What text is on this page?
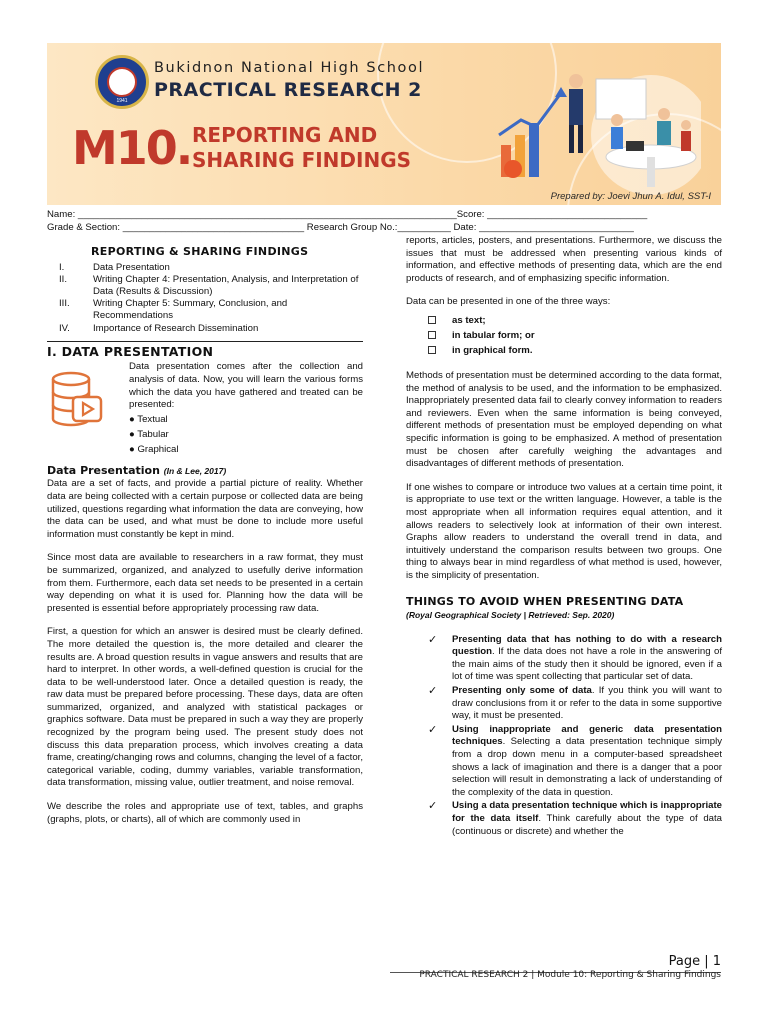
1941
Bukidnon National High School
PRACTICAL RESEARCH 2
M10. REPORTING AND
SHARING FINDINGS
Prepared by: Joevi Jhun A. Idul, SST-I
Name: _______________________________________________________________________Score: ______________________________
Grade & Section: __________________________________ Research Group No.:__________ Date: _____________________________
REPORTING & SHARING FINDINGS
I.	Data Presentation
II.	Writing Chapter 4: Presentation, Analysis, and Interpretation of Data (Results & Discussion)
III.	Writing Chapter 5: Summary, Conclusion, and Recommendations
IV.	Importance of Research Dissemination
I. DATA PRESENTATION
Data presentation comes after the collection and analysis of data. Now, you will learn the various forms which the data you have gathered and treated can be presented:
● Textual
● Tabular
● Graphical
Data Presentation (In & Lee, 2017)

Data are a set of facts, and provide a partial picture of reality. Whether data are being collected with a certain purpose or collected data are being utilized, questions regarding what information the data are conveying, how the data can be used, and what must be done to include more useful information must constantly be kept in mind.

Since most data are available to researchers in a raw format, they must be summarized, organized, and analyzed to usefully derive information from them. Furthermore, each data set needs to be presented in a certain way depending on what it is used for. Planning how the data will be presented is essential before appropriately processing raw data.

First, a question for which an answer is desired must be clearly defined. The more detailed the question is, the more detailed and clearer the results are. A broad question results in vague answers and results that are hard to interpret. In other words, a well-defined question is crucial for the data to be well-understood later. Once a detailed question is ready, the raw data must be prepared before processing. These days, data are often summarized, organized, and analyzed with statistical packages or graphics software. Data must be prepared in such a way they are properly recognized by the program being used. The present study does not discuss this data preparation process, which involves creating a data frame, creating/changing rows and columns, changing the level of a factor, categorical variable, coding, dummy variables, variable transformation, data transformation, missing value, outlier treatment, and noise removal.

We describe the roles and appropriate use of text, tables, and graphs (graphs, plots, or charts), all of which are commonly used in

reports, articles, posters, and presentations. Furthermore, we discuss the issues that must be addressed when presenting various kinds of information, and effective methods of presenting data, which are the end products of research, and of emphasizing specific information.

Data can be presented in one of the three ways:

as text;
in tabular form; or
in graphical form.

Methods of presentation must be determined according to the data format, the method of analysis to be used, and the information to be emphasized. Inappropriately presented data fail to clearly convey information to readers and reviewers. Even when the same information is being conveyed, different methods of presentation must be employed depending on what specific information is going to be emphasized. A method of presentation must be chosen after carefully weighing the advantages and disadvantages of different methods of presentation.

If one wishes to compare or introduce two values at a certain time point, it is appropriate to use text or the written language. However, a table is the most appropriate when all information requires equal attention, and it allows readers to selectively look at information of their own interest. Graphs allow readers to understand the overall trend in data, and intuitively understand the comparison results between two groups. One thing to always bear in mind regardless of what method is used, however, is the simplicity of presentation.

THINGS TO AVOID WHEN PRESENTING DATA
(Royal Geographical Society | Retrieved: Sep. 2020)
✓	Presenting data that has nothing to do with a research question. If the data does not have a role in the answering of the main aims of the study then it should be ignored, even if a lot of time was spent collecting that particular set of data.
✓	Presenting only some of data. If you think you will want to draw conclusions from it or refer to the data in some supportive way, it must be presented.
✓	Using inappropriate and generic data presentation techniques. Selecting a data presentation technique simply from a drop down menu in a computer-based spreadsheet shows a lack of imagination and there is a danger that a poor selection will result in demonstrating a lack of understanding of the complexity of the data in question.
✓	Using a data presentation technique which is inappropriate for the data itself. Think carefully about the type of data (continuous or discrete) and whether the
Page | 1
PRACTICAL RESEARCH 2 | Module 10: Reporting & Sharing Findings
